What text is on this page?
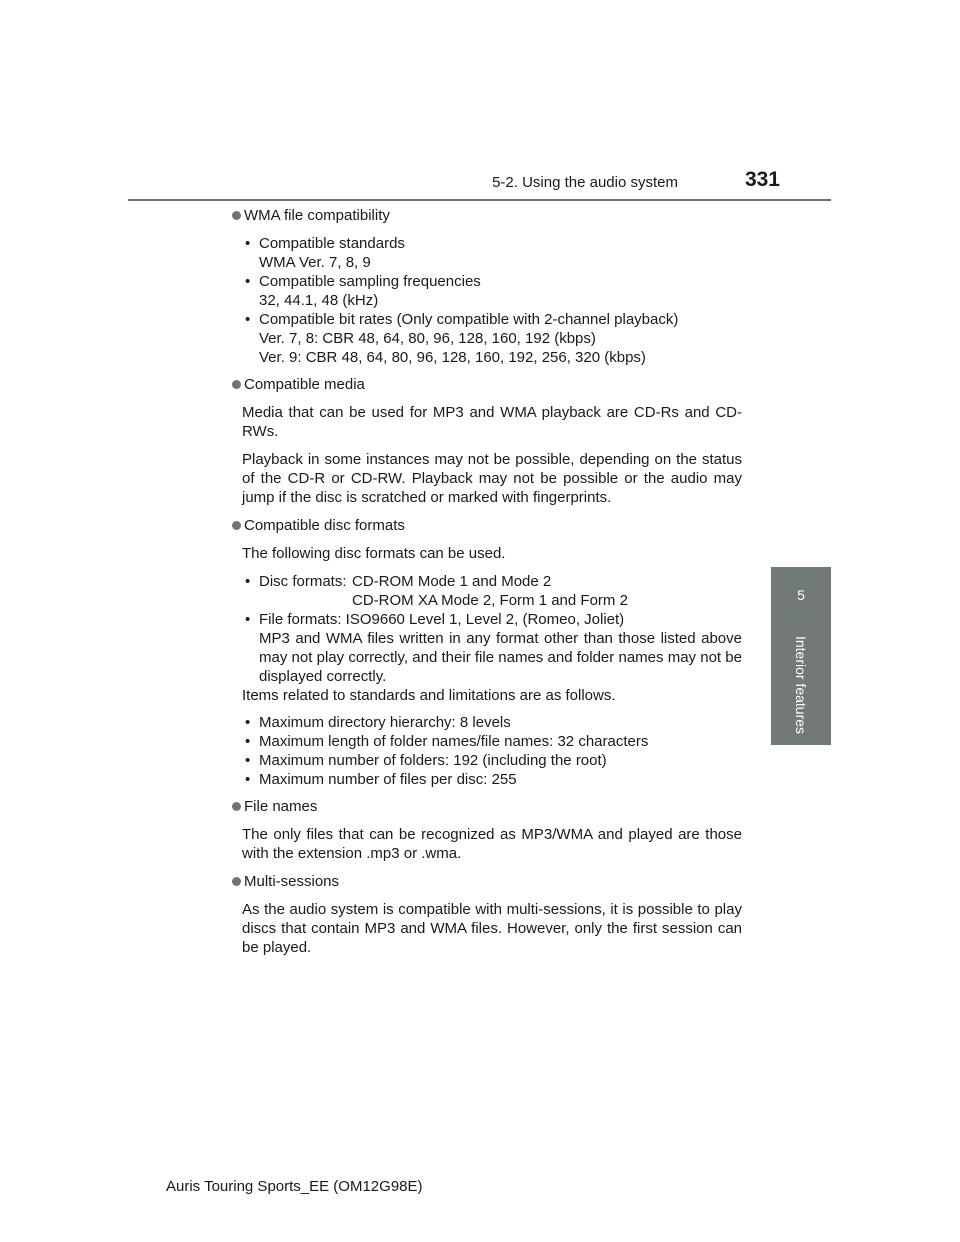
5-2. Using the audio system	331
5
Interior features
WMA file compatibility
• Compatible standards
WMA Ver. 7, 8, 9
• Compatible sampling frequencies
32, 44.1, 48 (kHz)
• Compatible bit rates (Only compatible with 2-channel playback)
Ver. 7, 8: CBR 48, 64, 80, 96, 128, 160, 192 (kbps)
Ver. 9: CBR 48, 64, 80, 96, 128, 160, 192, 256, 320 (kbps)
Compatible media
Media that can be used for MP3 and WMA playback are CD-Rs and CD-RWs.
Playback in some instances may not be possible, depending on the status of the CD-R or CD-RW. Playback may not be possible or the audio may jump if the disc is scratched or marked with fingerprints.
Compatible disc formats
The following disc formats can be used.
• Disc formats: CD-ROM Mode 1 and Mode 2
CD-ROM XA Mode 2, Form 1 and Form 2
• File formats: ISO9660 Level 1, Level 2, (Romeo, Joliet)
MP3 and WMA files written in any format other than those listed above may not play correctly, and their file names and folder names may not be displayed correctly.
Items related to standards and limitations are as follows.
• Maximum directory hierarchy: 8 levels
• Maximum length of folder names/file names: 32 characters
• Maximum number of folders: 192 (including the root)
• Maximum number of files per disc: 255
File names
The only files that can be recognized as MP3/WMA and played are those with the extension .mp3 or .wma.
Multi-sessions
As the audio system is compatible with multi-sessions, it is possible to play discs that contain MP3 and WMA files. However, only the first session can be played.
Auris Touring Sports_EE (OM12G98E)
